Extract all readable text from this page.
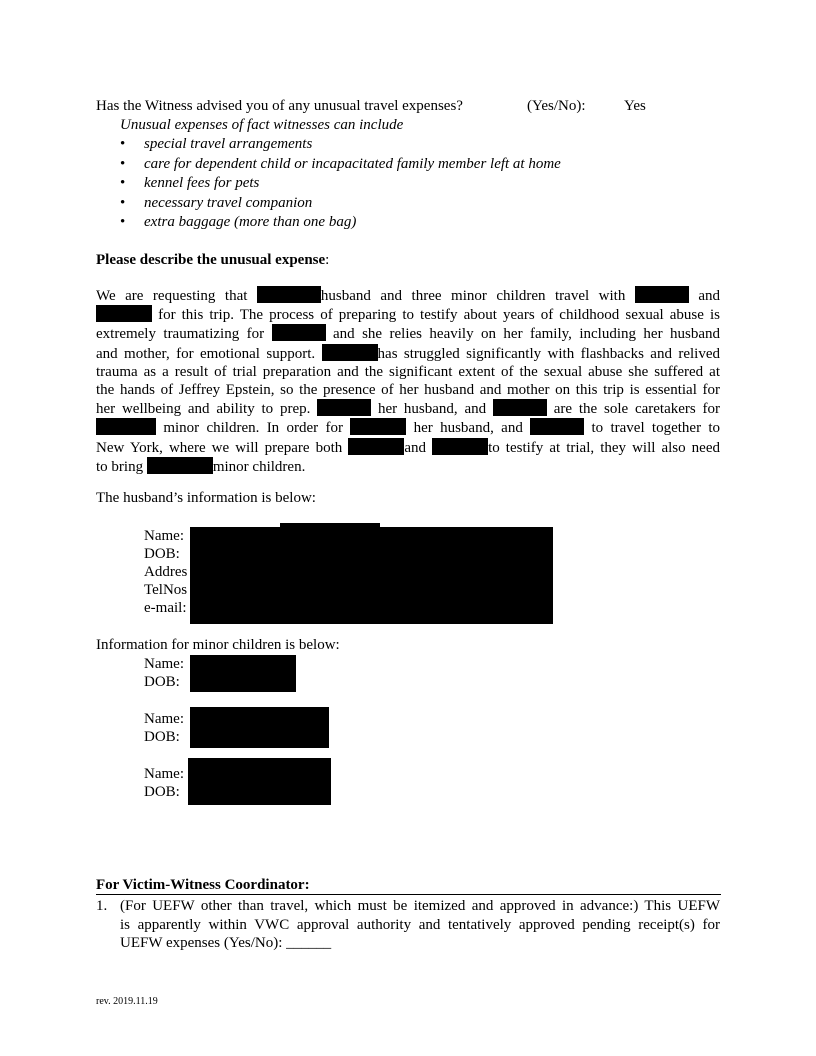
Has the Witness advised you of any unusual travel expenses?	(Yes/No):	Yes
Unusual expenses of fact witnesses can include
• special travel arrangements
• care for dependent child or incapacitated family member left at home
• kennel fees for pets
• necessary travel companion
• extra baggage (more than one bag)
Please describe the unusual expense:
We are requesting that	husband and three minor children travel with	and
for this trip. The process of preparing to testify about years of childhood sexual abuse is
extremely traumatizing for	and she relies heavily on her family, including her husband
and mother, for emotional support.	has struggled significantly with flashbacks and relived
trauma as a result of trial preparation and the significant extent of the sexual abuse she suffered at
the hands of Jeffrey Epstein, so the presence of her husband and mother on this trip is essential for
her wellbeing and ability to prep.	her husband, and	are the sole caretakers for
minor children. In order for	her husband, and	to travel together to
New York, where we will prepare both	and	to testify at trial, they will also need
to bring	minor children.
The husband’s information is below:
Name:
DOB:
Addres
TelNos
e-mail:
Information for minor children is below:
Name:
DOB:
Name:
DOB:
Name:
DOB:
For Victim-Witness Coordinator:
1. (For UEFW other than travel, which must be itemized and approved in advance:) This UEFW
is apparently within VWC approval authority and tentatively approved pending receipt(s) for
UEFW expenses (Yes/No): ______
rev. 2019.11.19
